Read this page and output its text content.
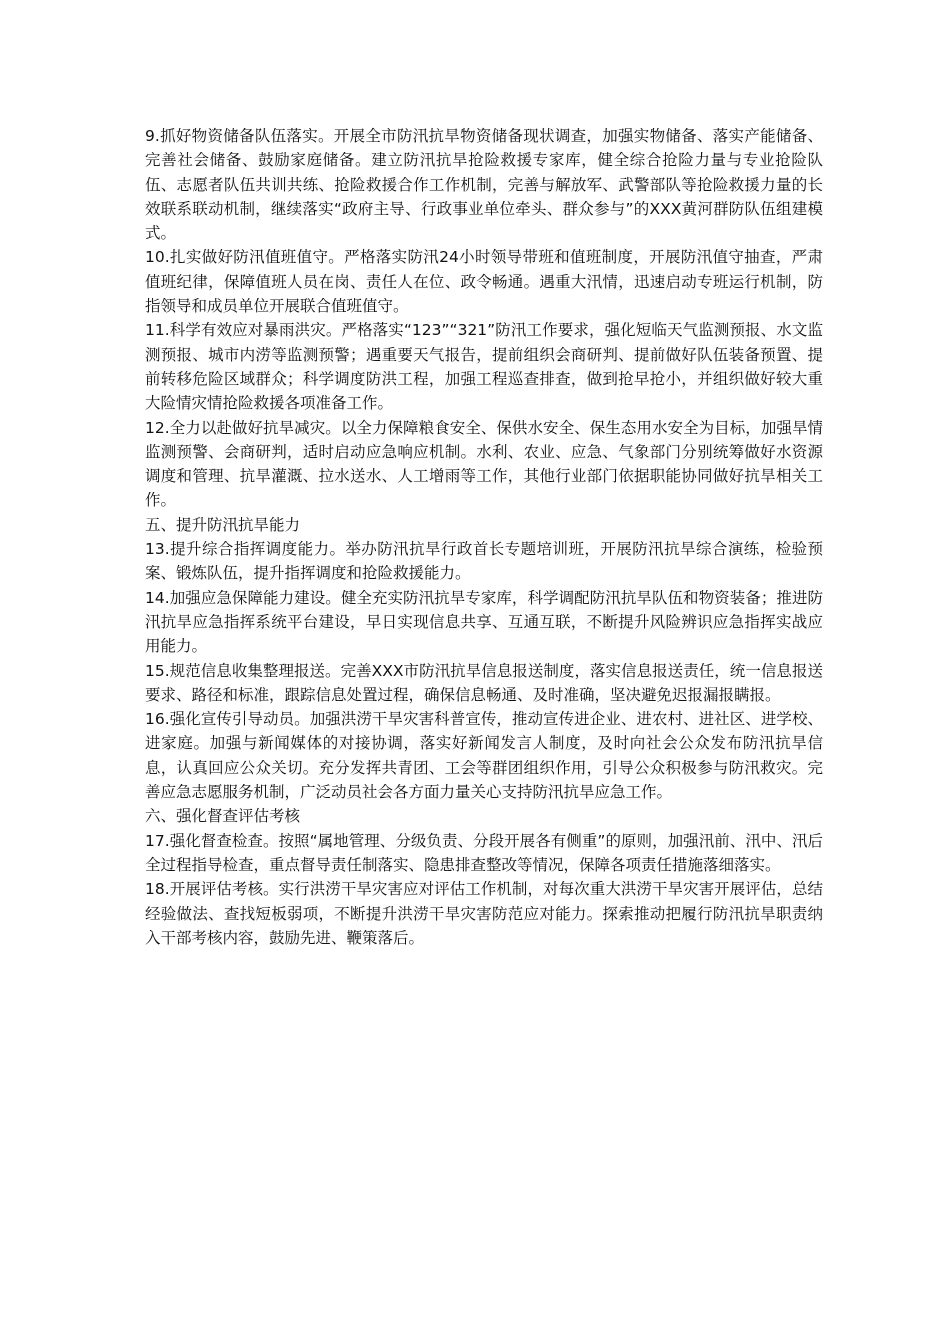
9.抓好物资储备队伍落实。开展全市防汛抗旱物资储备现状调查，加强实物储备、落实产能储备、完善社会储备、鼓励家庭储备。建立防汛抗旱抢险救援专家库，健全综合抢险力量与专业抢险队伍、志愿者队伍共训共练、抢险救援合作工作机制，完善与解放军、武警部队等抢险救援力量的长效联系联动机制，继续落实“政府主导、行政事业单位牵头、群众参与”的XXX黄河群防队伍组建模式。

10.扎实做好防汛值班值守。严格落实防汛24小时领导带班和值班制度，开展防汛值守抽查，严肃值班纪律，保障值班人员在岗、责任人在位、政令畅通。遇重大汛情，迅速启动专班运行机制，防指领导和成员单位开展联合值班值守。

11.科学有效应对暴雨洪灾。严格落实“123”“321”防汛工作要求，强化短临天气监测预报、水文监测预报、城市内涝等监测预警；遇重要天气报告，提前组织会商研判、提前做好队伍装备预置、提前转移危险区域群众；科学调度防洪工程，加强工程巡查排查，做到抢早抢小，并组织做好较大重大险情灾情抢险救援各项准备工作。

12.全力以赴做好抗旱减灾。以全力保障粮食安全、保供水安全、保生态用水安全为目标，加强旱情监测预警、会商研判，适时启动应急响应机制。水利、农业、应急、气象部门分别统筹做好水资源调度和管理、抗旱灌溉、拉水送水、人工增雨等工作，其他行业部门依据职能协同做好抗旱相关工作。

五、提升防汛抗旱能力

13.提升综合指挥调度能力。举办防汛抗旱行政首长专题培训班，开展防汛抗旱综合演练，检验预案、锻炼队伍，提升指挥调度和抢险救援能力。

14.加强应急保障能力建设。健全充实防汛抗旱专家库，科学调配防汛抗旱队伍和物资装备；推进防汛抗旱应急指挥系统平台建设，早日实现信息共享、互通互联，不断提升风险辨识应急指挥实战应用能力。

15.规范信息收集整理报送。完善XXX市防汛抗旱信息报送制度，落实信息报送责任，统一信息报送要求、路径和标准，跟踪信息处置过程，确保信息畅通、及时准确，坚决避免迟报漏报瞒报。

16.强化宣传引导动员。加强洪涝干旱灾害科普宣传，推动宣传进企业、进农村、进社区、进学校、进家庭。加强与新闻媒体的对接协调，落实好新闻发言人制度，及时向社会公众发布防汛抗旱信息，认真回应公众关切。充分发挥共青团、工会等群团组织作用，引导公众积极参与防汛救灾。完善应急志愿服务机制，广泛动员社会各方面力量关心支持防汛抗旱应急工作。

六、强化督查评估考核

17.强化督查检查。按照“属地管理、分级负责、分段开展各有侧重”的原则，加强汛前、汛中、汛后全过程指导检查，重点督导责任制落实、隐患排查整改等情况，保障各项责任措施落细落实。

18.开展评估考核。实行洪涝干旱灾害应对评估工作机制，对每次重大洪涝干旱灾害开展评估，总结经验做法、查找短板弱项，不断提升洪涝干旱灾害防范应对能力。探索推动把履行防汛抗旱职责纳入干部考核内容，鼓励先进、鞭策落后。
